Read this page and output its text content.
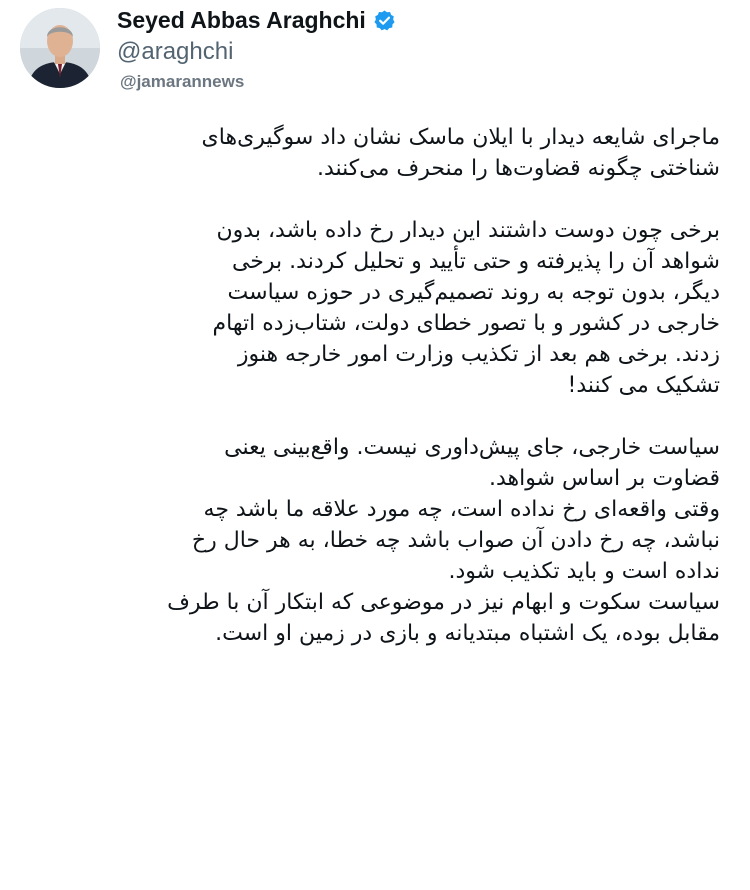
Seyed Abbas Araghchi
@araghchi
@jamarannews
ماجرای شایعه دیدار با ایلان ماسک نشان داد سوگیری‌های
شناختی چگونه قضاوت‌ها را منحرف می‌کنند.
برخی چون دوست داشتند این دیدار رخ داده باشد، بدون
شواهد آن را پذیرفته و حتی تأیید و تحلیل کردند. برخی
دیگر، بدون توجه به روند تصمیم‌گیری در حوزه سیاست
خارجی در کشور و با تصور خطای دولت، شتاب‌زده اتهام
زدند. برخی هم بعد از تکذیب وزارت امور خارجه هنوز
تشکیک می کنند!
سیاست خارجی، جای پیش‌داوری نیست. واقع‌بینی یعنی
قضاوت بر اساس شواهد.
وقتی واقعه‌ای رخ نداده است، چه مورد علاقه ما باشد چه
نباشد، چه رخ دادن آن صواب باشد چه خطا، به هر حال رخ
نداده است و باید تکذیب شود.
سیاست سکوت و ابهام نیز در موضوعی که ابتکار آن با طرف
مقابل بوده، یک اشتباه مبتدیانه و بازی در زمین او است.
